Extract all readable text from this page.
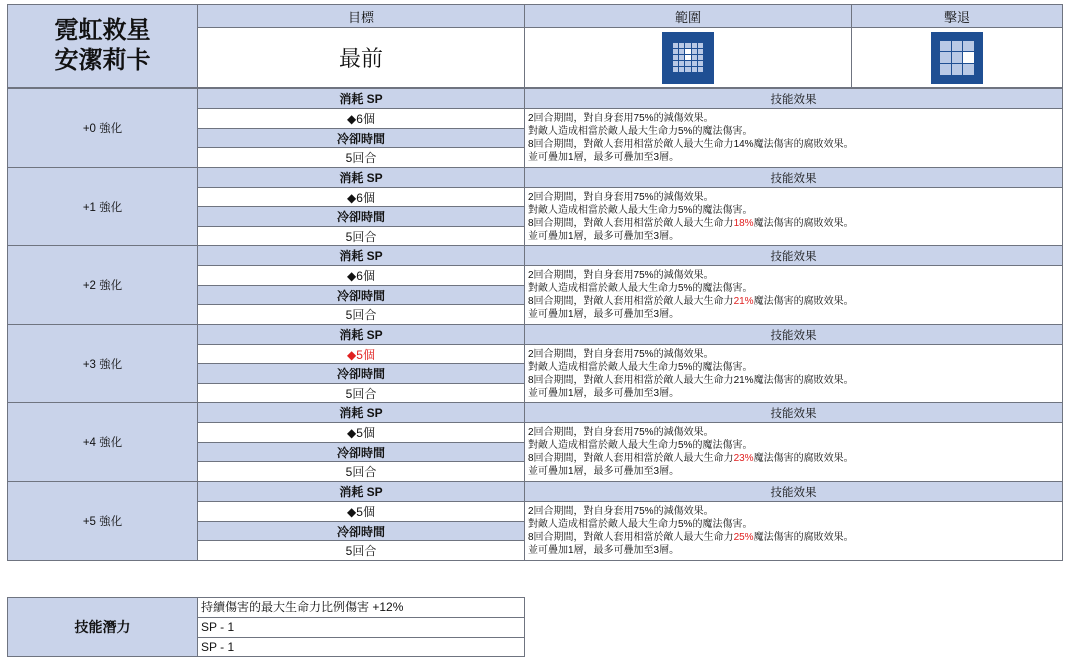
霓虹救星
安潔莉卡
目標	範圍	擊退
最前
+0 強化
消耗 SP
◆6個
冷卻時間
5回合
技能效果
2回合期間，對自身套用75%的減傷效果。
對敵人造成相當於敵人最大生命力5%的魔法傷害。
8回合期間，對敵人套用相當於敵人最大生命力14%魔法傷害的腐敗效果。
並可疊加1層，最多可疊加至3層。
+1 強化
消耗 SP
◆6個
冷卻時間
5回合
技能效果
2回合期間，對自身套用75%的減傷效果。
對敵人造成相當於敵人最大生命力5%的魔法傷害。
8回合期間，對敵人套用相當於敵人最大生命力18%魔法傷害的腐敗效果。
並可疊加1層，最多可疊加至3層。
+2 強化
消耗 SP
◆6個
冷卻時間
5回合
技能效果
2回合期間，對自身套用75%的減傷效果。
對敵人造成相當於敵人最大生命力5%的魔法傷害。
8回合期間，對敵人套用相當於敵人最大生命力21%魔法傷害的腐敗效果。
並可疊加1層，最多可疊加至3層。
+3 強化
消耗 SP
◆5個
冷卻時間
5回合
技能效果
2回合期間，對自身套用75%的減傷效果。
對敵人造成相當於敵人最大生命力5%的魔法傷害。
8回合期間，對敵人套用相當於敵人最大生命力21%魔法傷害的腐敗效果。
並可疊加1層，最多可疊加至3層。
+4 強化
消耗 SP
◆5個
冷卻時間
5回合
技能效果
2回合期間，對自身套用75%的減傷效果。
對敵人造成相當於敵人最大生命力5%的魔法傷害。
8回合期間，對敵人套用相當於敵人最大生命力23%魔法傷害的腐敗效果。
並可疊加1層，最多可疊加至3層。
+5 強化
消耗 SP
◆5個
冷卻時間
5回合
技能效果
2回合期間，對自身套用75%的減傷效果。
對敵人造成相當於敵人最大生命力5%的魔法傷害。
8回合期間，對敵人套用相當於敵人最大生命力25%魔法傷害的腐敗效果。
並可疊加1層，最多可疊加至3層。
技能潛力
持續傷害的最大生命力比例傷害 +12%
SP - 1
SP - 1
